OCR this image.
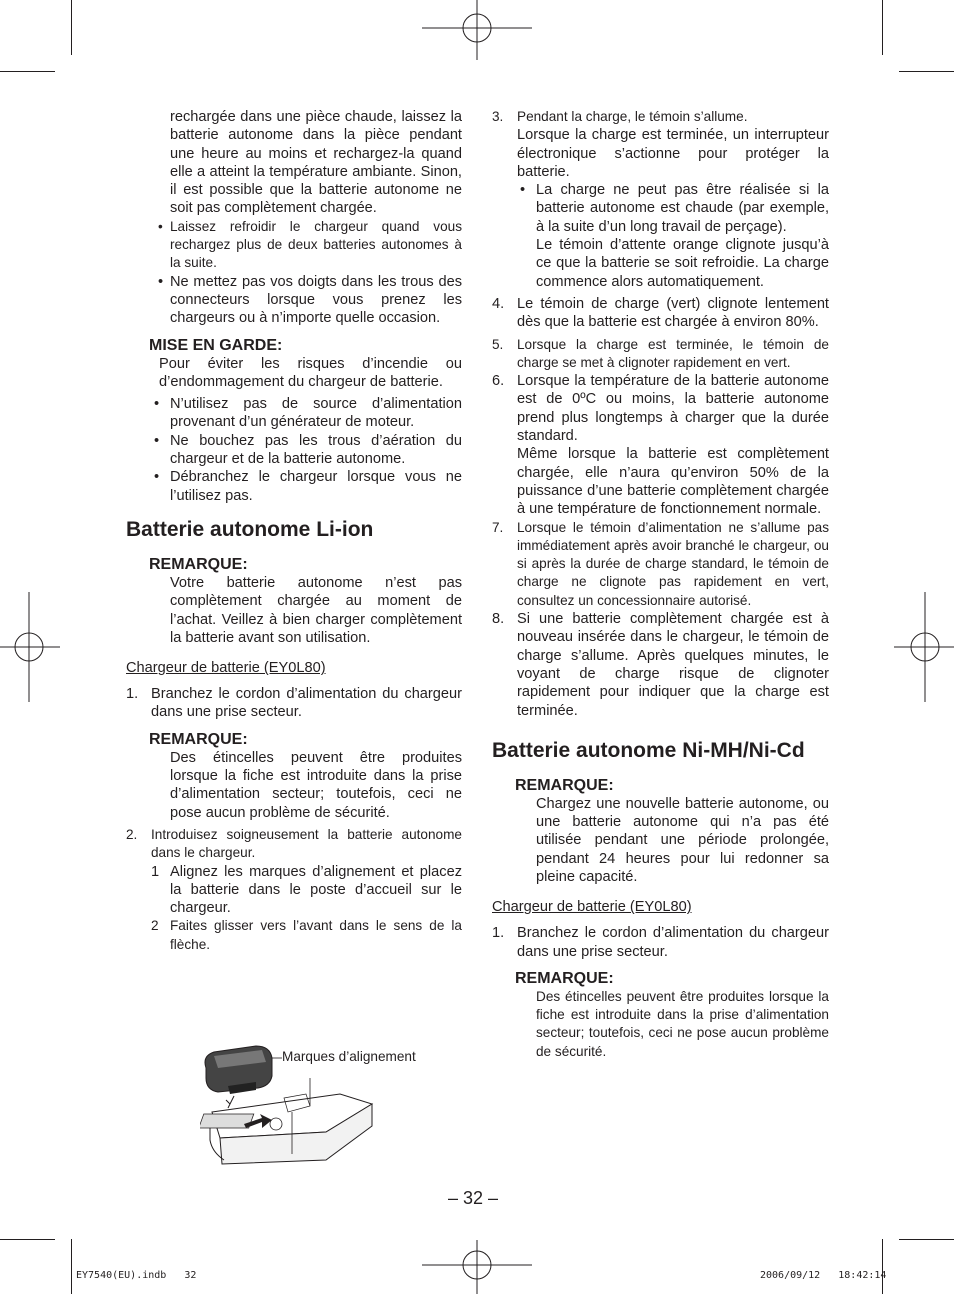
rechargée dans une pièce chaude, laissez la batterie autonome dans la pièce pendant une heure au moins et rechargez-la quand elle a atteint la température ambiante. Sinon, il est possible que la batterie autonome ne soit pas complètement chargée.

• Laissez refroidir le chargeur quand vous rechargez plus de deux batteries autonomes à la suite.

• Ne mettez pas vos doigts dans les trous des connecteurs lorsque vous prenez les chargeurs ou à n’importe quelle occasion.

MISE EN GARDE:

Pour éviter les risques d’incendie ou d’endommagement du chargeur de batterie.

• N’utilisez pas de source d’alimentation provenant d’un générateur de moteur.

• Ne bouchez pas les trous d’aération du chargeur et de la batterie autonome.

• Débranchez le chargeur lorsque vous ne l’utilisez pas.

Batterie autonome Li-ion

REMARQUE:

Votre batterie autonome n’est pas complètement chargée au moment de l’achat. Veillez à bien charger complètement la batterie avant son utilisation.

Chargeur de batterie (EY0L80)

1. Branchez le cordon d’alimentation du chargeur dans une prise secteur.

REMARQUE:

Des étincelles peuvent être produites lorsque la fiche est introduite dans la prise d’alimentation secteur; toutefois, ceci ne pose aucun problème de sécurité.

2. Introduisez soigneusement la batterie autonome dans le chargeur.

1 Alignez les marques d’alignement et placez la batterie dans le poste d’accueil sur le chargeur.

2 Faites glisser vers l’avant dans le sens de la flèche.

Marques d’alignement

3. Pendant la charge, le témoin s’allume.

Lorsque la charge est terminée, un interrupteur électronique s’actionne pour protéger la batterie.

• La charge ne peut pas être réalisée si la batterie autonome est chaude (par exemple, à la suite d’un long travail de perçage).

Le témoin d’attente orange clignote jusqu’à ce que la batterie se soit refroidie. La charge commence alors automatiquement.

4. Le témoin de charge (vert) clignote lentement dès que la batterie est chargée à environ 80%.

5. Lorsque la charge est terminée, le témoin de charge se met à clignoter rapidement en vert.

6. Lorsque la température de la batterie autonome est de 0ºC ou moins, la batterie autonome prend plus longtemps à charger que la durée standard.

Même lorsque la batterie est complètement chargée, elle n’aura qu’environ 50% de la puissance d’une batterie complètement chargée à une température de fonctionnement normale.

7. Lorsque le témoin d’alimentation ne s’allume pas immédiatement après avoir branché le chargeur, ou si après la durée de charge standard, le témoin de charge ne clignote pas rapidement en vert, consultez un concessionnaire autorisé.

8. Si une batterie complètement chargée est à nouveau insérée dans le chargeur, le témoin de charge s’allume. Après quelques minutes, le voyant de charge risque de clignoter rapidement pour indiquer que la charge est terminée.

Batterie autonome Ni-MH/Ni-Cd

REMARQUE:

Chargez une nouvelle batterie autonome, ou une batterie autonome qui n’a pas été utilisée pendant une période prolongée, pendant 24 heures pour lui redonner sa pleine capacité.

Chargeur de batterie (EY0L80)

1. Branchez le cordon d’alimentation du chargeur dans une prise secteur.

REMARQUE:

Des étincelles peuvent être produites lorsque la fiche est introduite dans la prise d’alimentation secteur; toutefois, ceci ne pose aucun problème de sécurité.

– 32 –
EY7540(EU).indb   32	2006/09/12   18:42:14
